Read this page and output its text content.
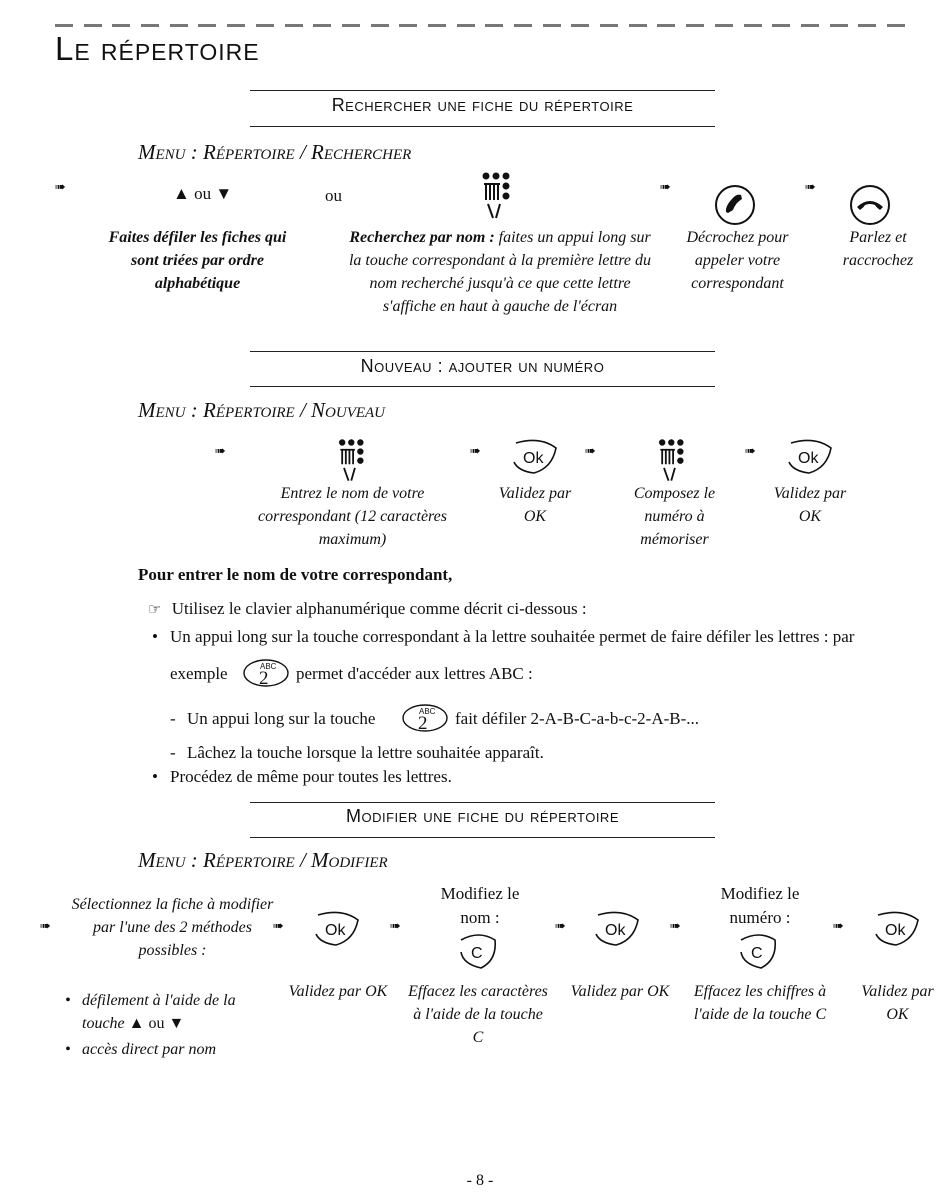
Le répertoire
Rechercher une fiche du répertoire
Menu : Répertoire / Rechercher
➠	▲ ou ▼	ou	➠	➠
Faites défiler les fiches qui sont triées par ordre alphabétique
Recherchez par nom : faites un appui long sur la touche correspondant à la première lettre du nom recherché jusqu'à ce que cette lettre s'affiche en haut à gauche de l'écran
Décrochez pour appeler votre correspondant
Parlez et raccrochez
Nouveau : ajouter un numéro
Menu : Répertoire / Nouveau
➠	➠	Ok	➠	➠	Ok
Entrez le nom de votre correspondant (12 caractères maximum)
Validez par OK
Composez le numéro à mémoriser
Validez par OK
Pour entrer le nom de votre correspondant,
☞ Utilisez le clavier alphanumérique comme décrit ci-dessous :
• Un appui long sur la touche correspondant à la lettre souhaitée permet de faire défiler les lettres : par
exemple 2
ABC permet d'accéder aux lettres ABC :
- Un appui long sur la touche 2
ABC fait défiler 2-A-B-C-a-b-c-2-A-B-...
- Lâchez la touche lorsque la lettre souhaitée apparaît.
• Procédez de même pour toutes les lettres.
Modifier une fiche du répertoire
Menu : Répertoire / Modifier
➠
Sélectionnez la fiche à modifier par l'une des 2 méthodes possibles :
• défilement à l'aide de la touche ▲ ou ▼
• accès direct par nom
➠	Ok	➠
Modifiez le nom :
C
Effacez les caractères à l'aide de la touche C
Validez par OK
➠ Ok
Validez par OK
➠
Modifiez le numéro :
C
Effacez les chiffres à l'aide de la touche C
➠	Ok
Validez par OK
- 8 -
